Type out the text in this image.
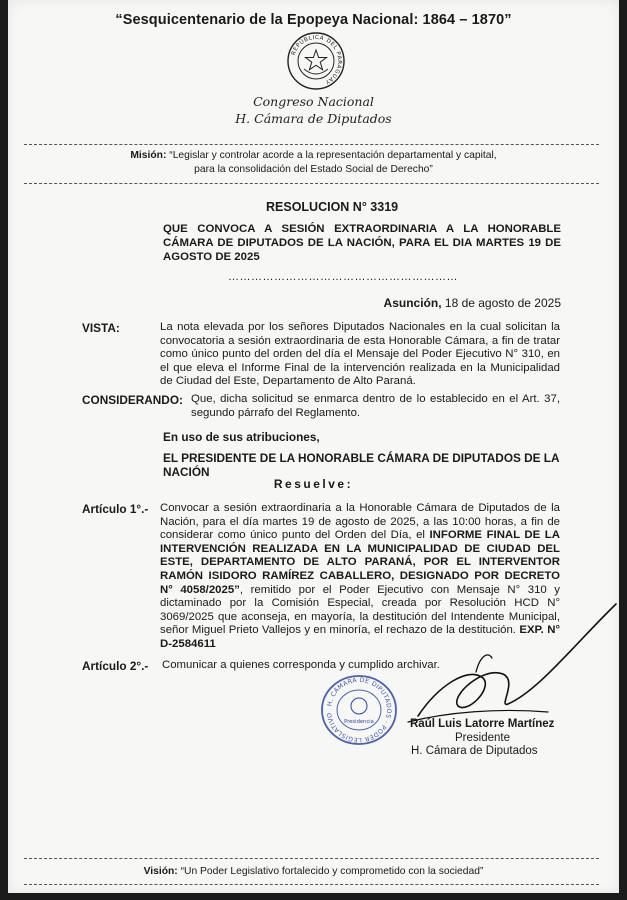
“Sesquicentenario de la Epopeya Nacional: 1864 – 1870”
REPÚBLICA DEL PARAGUAY
Congreso Nacional
H. Cámara de Diputados
Misión: “Legislar y controlar acorde a la representación departamental y capital,
para la consolidación del Estado Social de Derecho”
RESOLUCION N° 3319
QUE CONVOCA A SESIÓN EXTRAORDINARIA A LA HONORABLE CÁMARA DE DIPUTADOS DE LA NACIÓN, PARA EL DIA MARTES 19 DE AGOSTO DE 2025
……………………………………………………
Asunción, 18 de agosto de 2025
VISTA:	La nota elevada por los señores Diputados Nacionales en la cual solicitan la convocatoria a sesión extraordinaria de esta Honorable Cámara, a fin de tratar como único punto del orden del día el Mensaje del Poder Ejecutivo N° 310, en el que eleva el Informe Final de la intervención realizada en la Municipalidad de Ciudad del Este, Departamento de Alto Paraná.
CONSIDERANDO: Que, dicha solicitud se enmarca dentro de lo establecido en el Art. 37, segundo párrafo del Reglamento.
En uso de sus atribuciones,
EL PRESIDENTE DE LA HONORABLE CÁMARA DE DIPUTADOS DE LA NACIÓN
Resuelve:
Artículo 1°.- Convocar a sesión extraordinaria a la Honorable Cámara de Diputados de la Nación, para el día martes 19 de agosto de 2025, a las 10:00 horas, a fin de considerar como único punto del Orden del Día, el INFORME FINAL DE LA INTERVENCIÓN REALIZADA EN LA MUNICIPALIDAD DE CIUDAD DEL ESTE, DEPARTAMENTO DE ALTO PARANÁ, POR EL INTERVENTOR RAMÓN ISIDORO RAMÍREZ CABALLERO, DESIGNADO POR DECRETO N° 4058/2025”, remitido por el Poder Ejecutivo con Mensaje N° 310 y dictaminado por la Comisión Especial, creada por Resolución HCD N° 3069/2025 que aconseja, en mayoría, la destitución del Intendente Municipal, señor Miguel Prieto Vallejos y en minoría, el rechazo de la destitución. EXP. N° D-2584611
Artículo 2°.- Comunicar a quienes corresponda y cumplido archivar.
H. CÁMARA DE DIPUTADOS · PODER LEGISLATIVO
Presidencia	Raúl Luis Latorre Martínez
Presidente
H. Cámara de Diputados
Visión: “Un Poder Legislativo fortalecido y comprometido con la sociedad”
